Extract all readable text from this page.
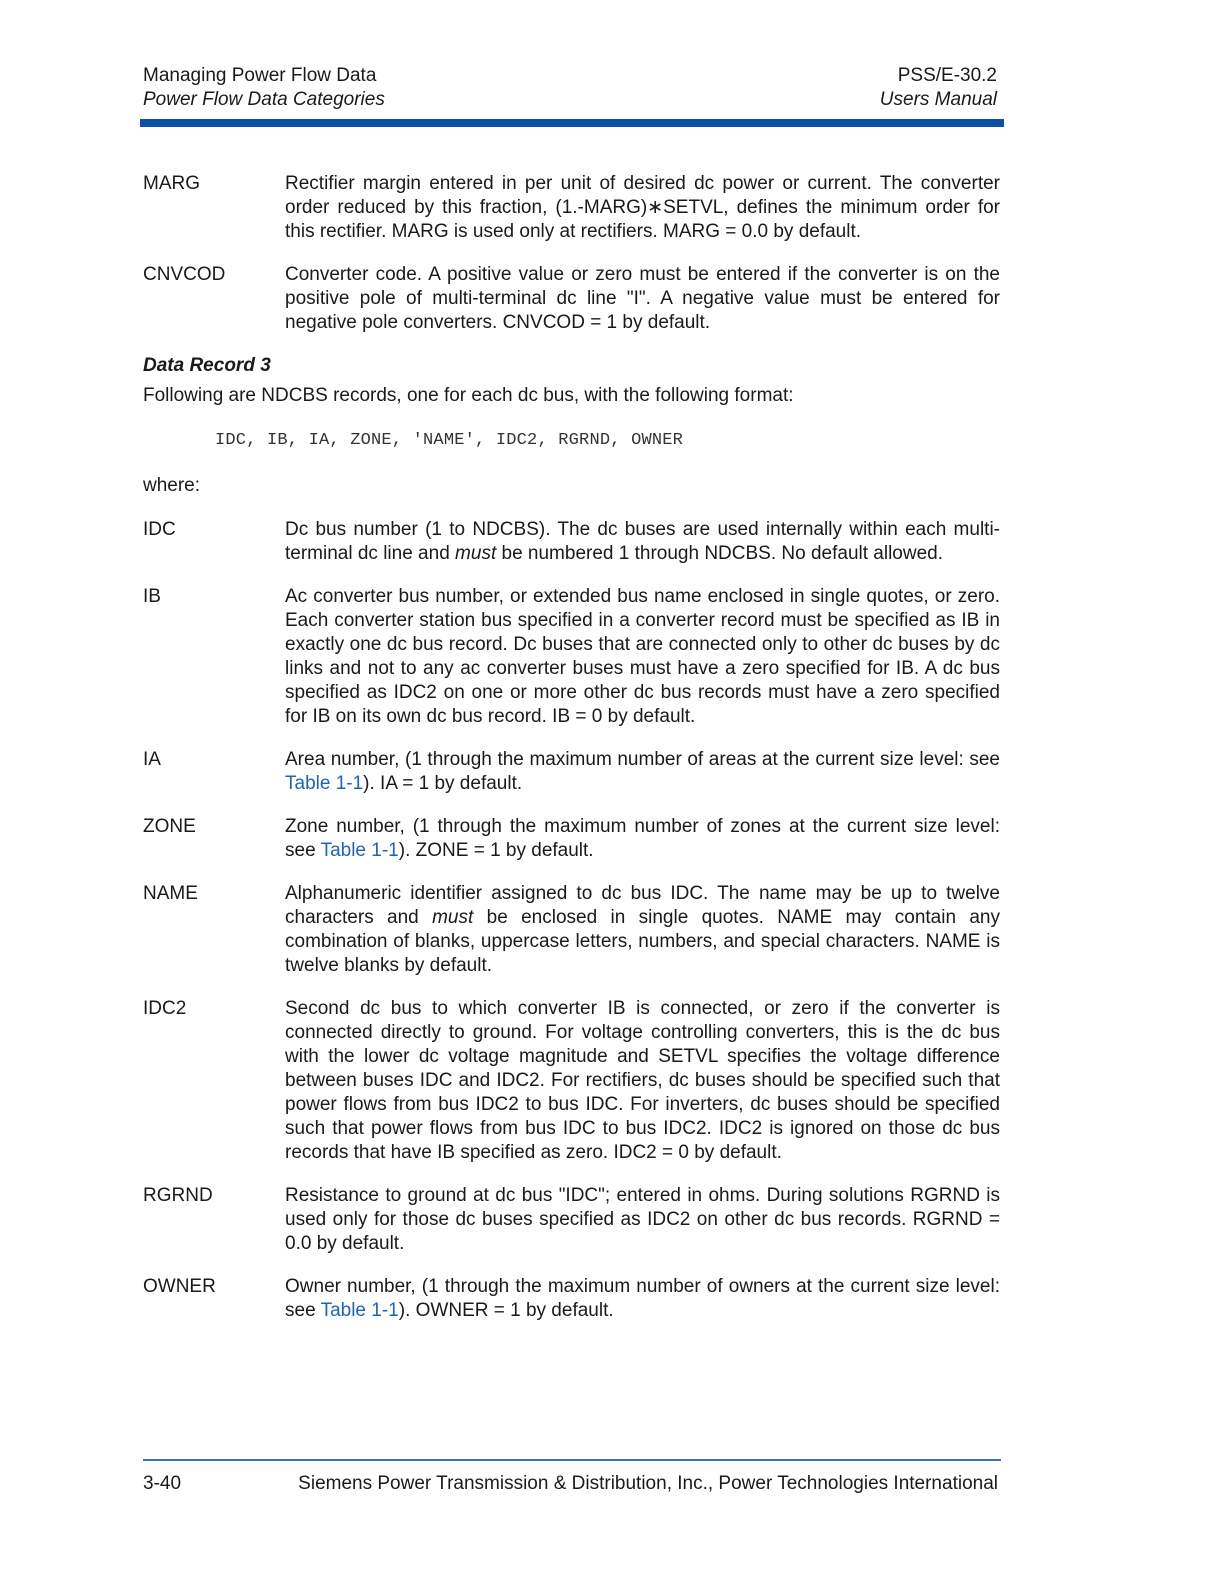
Managing Power Flow Data
Power Flow Data Categories
PSS/E-30.2
Users Manual
MARG	Rectifier margin entered in per unit of desired dc power or current. The converter order reduced by this fraction, (1.-MARG)∗SETVL, defines the minimum order for this rectifier. MARG is used only at rectifiers. MARG = 0.0 by default.
CNVCOD	Converter code. A positive value or zero must be entered if the converter is on the positive pole of multi-terminal dc line "I". A negative value must be entered for negative pole converters. CNVCOD = 1 by default.
Data Record 3
Following are NDCBS records, one for each dc bus, with the following format:
IDC, IB, IA, ZONE, 'NAME', IDC2, RGRND, OWNER
where:
IDC	Dc bus number (1 to NDCBS). The dc buses are used internally within each multi-terminal dc line and must be numbered 1 through NDCBS. No default allowed.
IB	Ac converter bus number, or extended bus name enclosed in single quotes, or zero. Each converter station bus specified in a converter record must be specified as IB in exactly one dc bus record. Dc buses that are connected only to other dc buses by dc links and not to any ac converter buses must have a zero specified for IB. A dc bus specified as IDC2 on one or more other dc bus records must have a zero specified for IB on its own dc bus record. IB = 0 by default.
IA	Area number, (1 through the maximum number of areas at the current size level: see Table 1-1). IA = 1 by default.
ZONE	Zone number, (1 through the maximum number of zones at the current size level: see Table 1-1). ZONE = 1 by default.
NAME	Alphanumeric identifier assigned to dc bus IDC. The name may be up to twelve characters and must be enclosed in single quotes. NAME may contain any combination of blanks, uppercase letters, numbers, and special characters. NAME is twelve blanks by default.
IDC2	Second dc bus to which converter IB is connected, or zero if the converter is connected directly to ground. For voltage controlling converters, this is the dc bus with the lower dc voltage magnitude and SETVL specifies the voltage difference between buses IDC and IDC2. For rectifiers, dc buses should be specified such that power flows from bus IDC2 to bus IDC. For inverters, dc buses should be specified such that power flows from bus IDC to bus IDC2. IDC2 is ignored on those dc bus records that have IB specified as zero. IDC2 = 0 by default.
RGRND	Resistance to ground at dc bus "IDC"; entered in ohms. During solutions RGRND is used only for those dc buses specified as IDC2 on other dc bus records. RGRND = 0.0 by default.
OWNER	Owner number, (1 through the maximum number of owners at the current size level: see Table 1-1). OWNER = 1 by default.
3-40	Siemens Power Transmission & Distribution, Inc., Power Technologies International
